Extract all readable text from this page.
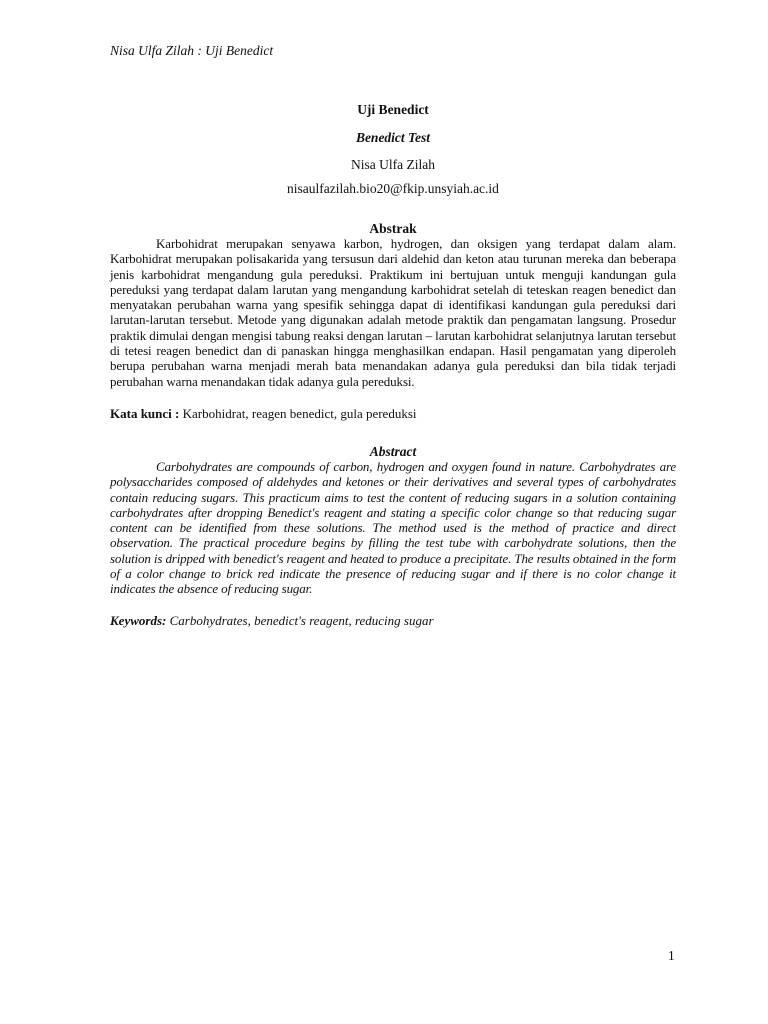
Nisa Ulfa Zilah : Uji Benedict
Uji Benedict
Benedict Test
Nisa Ulfa Zilah
nisaulfazilah.bio20@fkip.unsyiah.ac.id
Abstrak
Karbohidrat merupakan senyawa karbon, hydrogen, dan oksigen yang terdapat dalam alam. Karbohidrat merupakan polisakarida yang tersusun dari aldehid dan keton atau turunan mereka dan beberapa jenis karbohidrat mengandung gula pereduksi. Praktikum ini bertujuan untuk menguji kandungan gula pereduksi yang terdapat dalam larutan yang mengandung karbohidrat setelah di teteskan reagen benedict dan menyatakan perubahan warna yang spesifik sehingga dapat di identifikasi kandungan gula pereduksi dari larutan-larutan tersebut. Metode yang digunakan adalah metode praktik dan pengamatan langsung. Prosedur praktik dimulai dengan mengisi tabung reaksi dengan larutan – larutan karbohidrat selanjutnya larutan tersebut di tetesi reagen benedict dan di panaskan hingga menghasilkan endapan. Hasil pengamatan yang diperoleh berupa perubahan warna menjadi merah bata menandakan adanya gula pereduksi dan bila tidak terjadi perubahan warna menandakan tidak adanya gula pereduksi.
Kata kunci : Karbohidrat, reagen benedict, gula pereduksi
Abstract
Carbohydrates are compounds of carbon, hydrogen and oxygen found in nature. Carbohydrates are polysaccharides composed of aldehydes and ketones or their derivatives and several types of carbohydrates contain reducing sugars. This practicum aims to test the content of reducing sugars in a solution containing carbohydrates after dropping Benedict's reagent and stating a specific color change so that reducing sugar content can be identified from these solutions. The method used is the method of practice and direct observation. The practical procedure begins by filling the test tube with carbohydrate solutions, then the solution is dripped with benedict's reagent and heated to produce a precipitate. The results obtained in the form of a color change to brick red indicate the presence of reducing sugar and if there is no color change it indicates the absence of reducing sugar.
Keywords: Carbohydrates, benedict's reagent, reducing sugar
1
